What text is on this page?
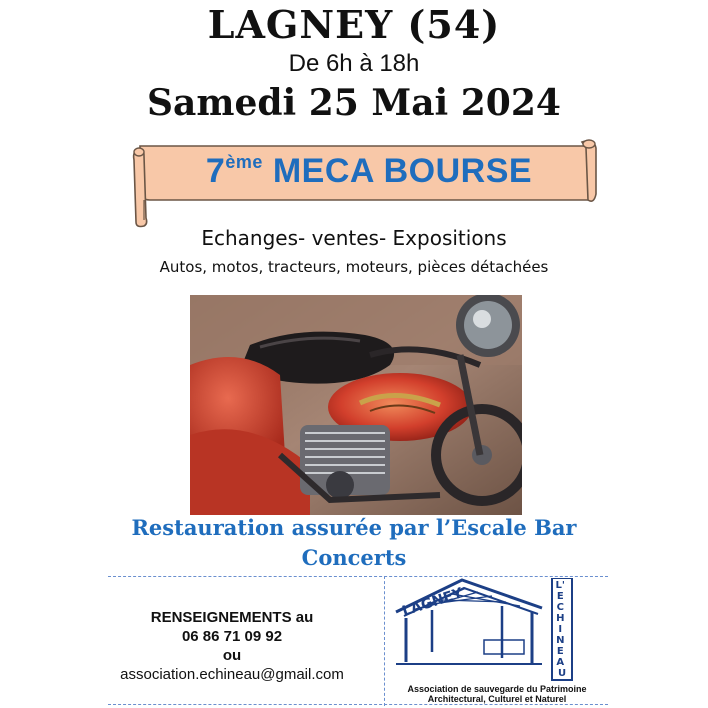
LAGNEY (54)
De 6h à 18h
Samedi 25 Mai 2024
7ème MECA BOURSE
Echanges- ventes- Expositions
Autos, motos, tracteurs, moteurs, pièces détachées
Restauration assurée par l’Escale Bar
Concerts
RENSEIGNEMENTS au
06 86 71 09 92
ou
association.echineau@gmail.com
L' E C H I N E A U
LAGNEY
Association de sauvegarde du Patrimoine
Architectural, Culturel et Naturel
